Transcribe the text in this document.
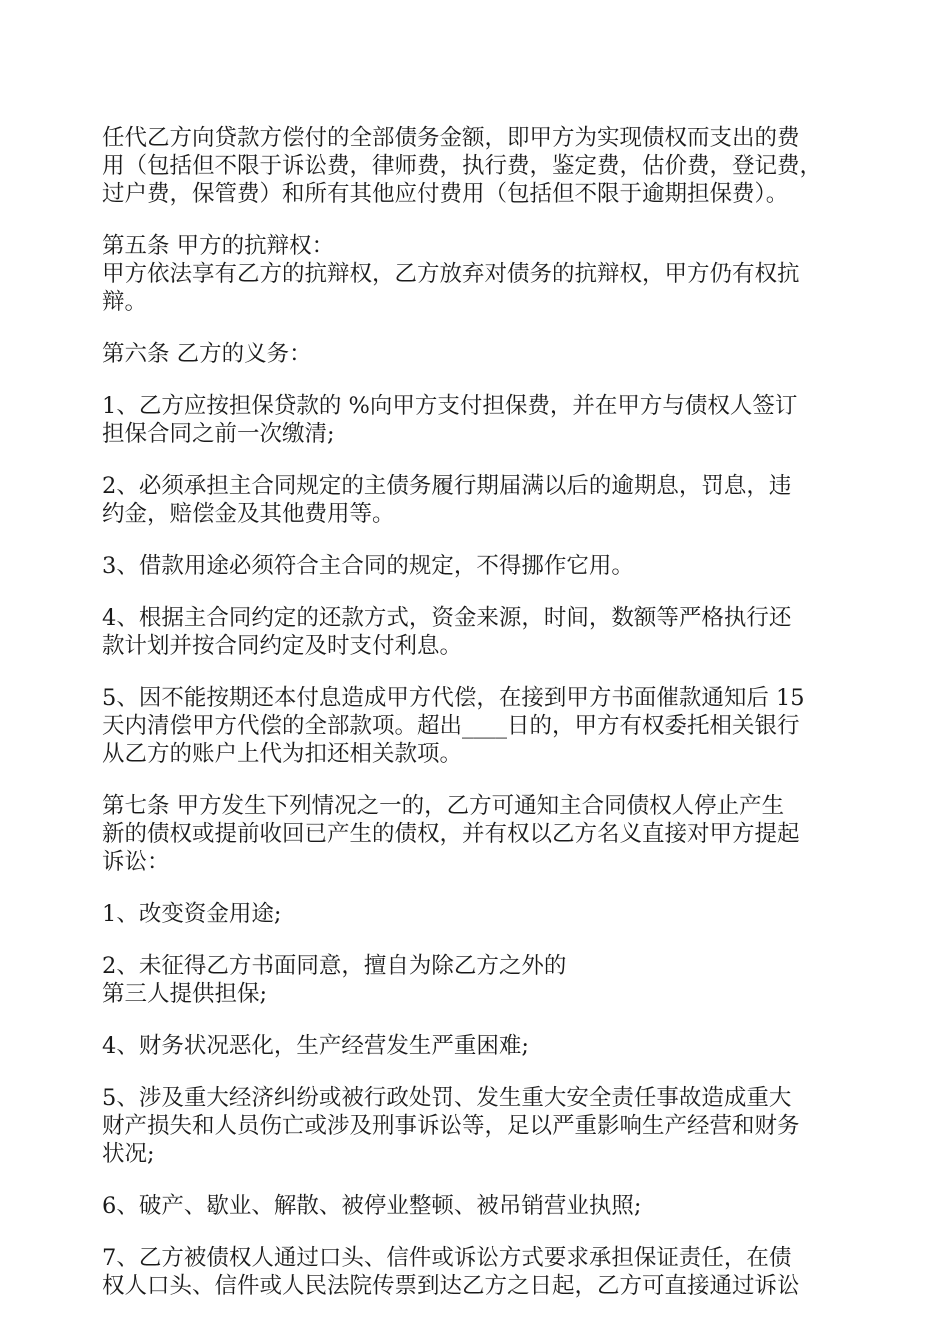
任代乙方向贷款方偿付的全部债务金额，即甲方为实现债权而支出的费
用（包括但不限于诉讼费，律师费，执行费，鉴定费，估价费，登记费，
过户费，保管费）和所有其他应付费用（包括但不限于逾期担保费）。

第五条 甲方的抗辩权：
甲方依法享有乙方的抗辩权，乙方放弃对债务的抗辩权，甲方仍有权抗
辩。

第六条 乙方的义务：

1、乙方应按担保贷款的 %向甲方支付担保费，并在甲方与债权人签订
担保合同之前一次缴清;

2、必须承担主合同规定的主债务履行期届满以后的逾期息，罚息，违
约金，赔偿金及其他费用等。

3、借款用途必须符合主合同的规定，不得挪作它用。

4、根据主合同约定的还款方式，资金来源，时间，数额等严格执行还
款计划并按合同约定及时支付利息。

5、因不能按期还本付息造成甲方代偿，在接到甲方书面催款通知后 15
天内清偿甲方代偿的全部款项。超出____日的，甲方有权委托相关银行
从乙方的账户上代为扣还相关款项。

第七条 甲方发生下列情况之一的，乙方可通知主合同债权人停止产生
新的债权或提前收回已产生的债权，并有权以乙方名义直接对甲方提起
诉讼：

1、改变资金用途;

2、未征得乙方书面同意，擅自为除乙方之外的
第三人提供担保;

4、财务状况恶化，生产经营发生严重困难;

5、涉及重大经济纠纷或被行政处罚、发生重大安全责任事故造成重大
财产损失和人员伤亡或涉及刑事诉讼等，足以严重影响生产经营和财务
状况;

6、破产、歇业、解散、被停业整顿、被吊销营业执照;

7、乙方被债权人通过口头、信件或诉讼方式要求承担保证责任，在债
权人口头、信件或人民法院传票到达乙方之日起，乙方可直接通过诉讼
